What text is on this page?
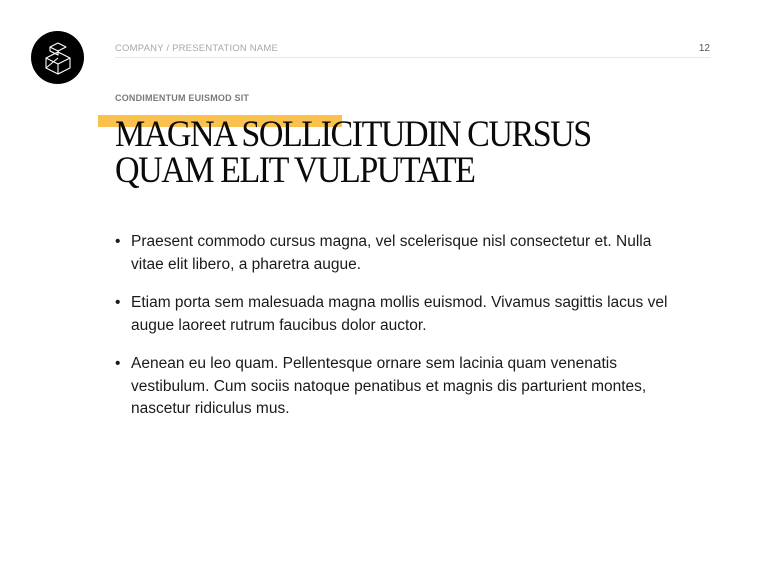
COMPANY / PRESENTATION NAME	12
CONDIMENTUM EUISMOD SIT
MAGNA SOLLICITUDIN CURSUS
QUAM ELIT VULPUTATE
• Praesent commodo cursus magna, vel scelerisque nisl consectetur et. Nulla vitae elit libero, a pharetra augue.
• Etiam porta sem malesuada magna mollis euismod. Vivamus sagittis lacus vel augue laoreet rutrum faucibus dolor auctor.
• Aenean eu leo quam. Pellentesque ornare sem lacinia quam venenatis vestibulum. Cum sociis natoque penatibus et magnis dis parturient montes, nascetur ridiculus mus.
